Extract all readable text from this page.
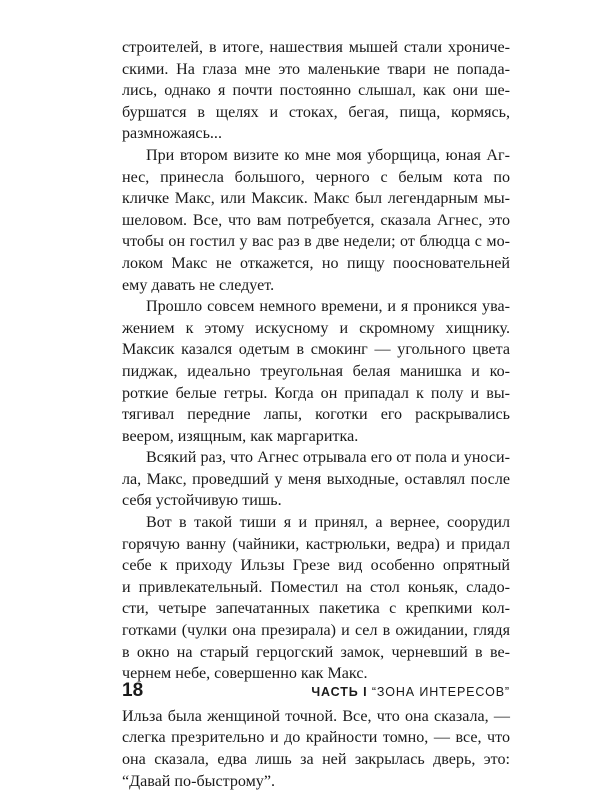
строителей, в итоге, нашествия мышей стали хрониче-
скими. На глаза мне это маленькие твари не попада-
лись, однако я почти постоянно слышал, как они ше-
буршатся в щелях и стоках, бегая, пища, кормясь,
размножаясь...
При втором визите ко мне моя уборщица, юная Аг-
нес, принесла большого, черного с белым кота по
кличке Макс, или Максик. Макс был легендарным мы-
шеловом. Все, что вам потребуется, сказала Агнес, это
чтобы он гостил у вас раз в две недели; от блюдца с мо-
локом Макс не откажется, но пищу поосновательней
ему давать не следует.
Прошло совсем немного времени, и я проникся ува-
жением к этому искусному и скромному хищнику.
Максик казался одетым в смокинг — угольного цвета
пиджак, идеально треугольная белая манишка и ко-
роткие белые гетры. Когда он припадал к полу и вы-
тягивал передние лапы, коготки его раскрывались
веером, изящным, как маргаритка.
Всякий раз, что Агнес отрывала его от пола и уноси-
ла, Макс, проведший у меня выходные, оставлял после
себя устойчивую тишь.
Вот в такой тиши я и принял, а вернее, соорудил
горячую ванну (чайники, кастрюльки, ведра) и придал
себе к приходу Ильзы Грезе вид особенно опрятный
и привлекательный. Поместил на стол коньяк, сладо-
сти, четыре запечатанных пакетика с крепкими кол-
готками (чулки она презирала) и сел в ожидании, глядя
в окно на старый герцогский замок, черневший в ве-
чернем небе, совершенно как Макс.
Ильза была женщиной точной. Все, что она сказала, —
слегка презрительно и до крайности томно, — все, что
она сказала, едва лишь за ней закрылась дверь, это:
“Давай по-быстрому”.
18	ЧАСТЬ I “ЗОНА ИНТЕРЕСОВ”
